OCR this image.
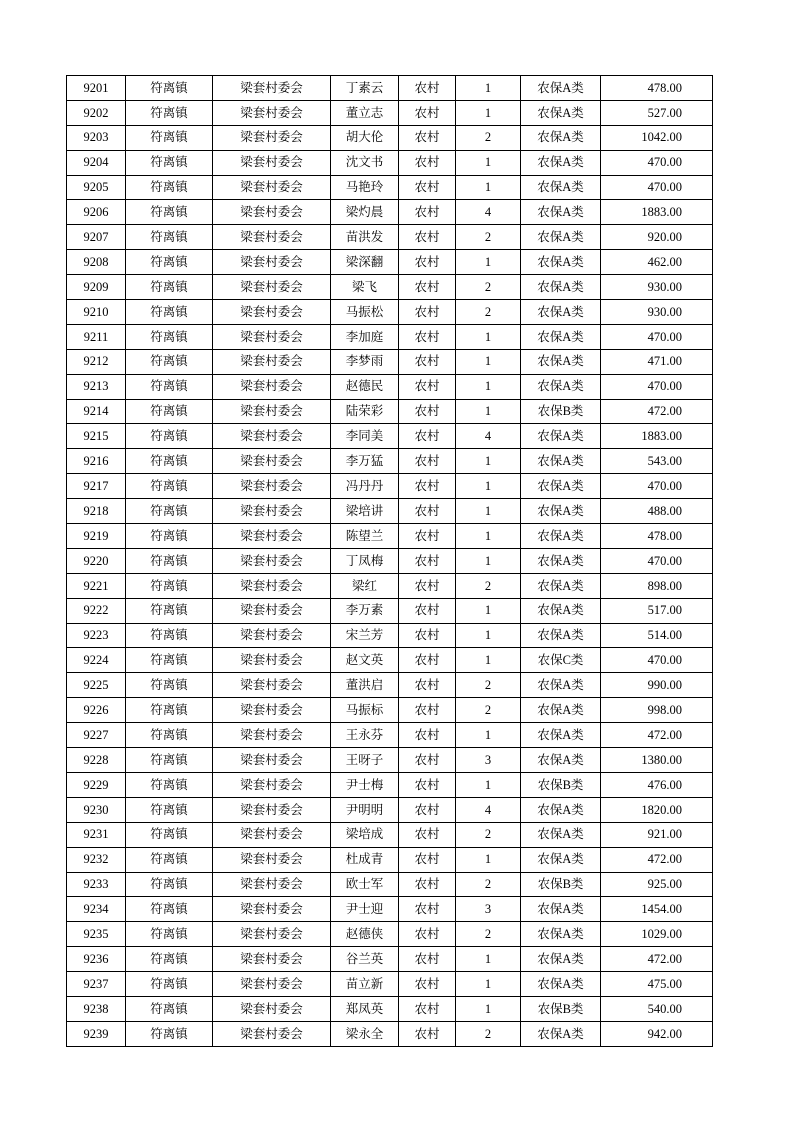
9201	符离镇	梁套村委会	丁素云	农村	1	农保A类	478.00
9202	符离镇	梁套村委会	董立志	农村	1	农保A类	527.00
9203	符离镇	梁套村委会	胡大伦	农村	2	农保A类	1042.00
9204	符离镇	梁套村委会	沈文书	农村	1	农保A类	470.00
9205	符离镇	梁套村委会	马艳玲	农村	1	农保A类	470.00
9206	符离镇	梁套村委会	梁灼晨	农村	4	农保A类	1883.00
9207	符离镇	梁套村委会	苗洪发	农村	2	农保A类	920.00
9208	符离镇	梁套村委会	梁深翻	农村	1	农保A类	462.00
9209	符离镇	梁套村委会	梁飞	农村	2	农保A类	930.00
9210	符离镇	梁套村委会	马振松	农村	2	农保A类	930.00
9211	符离镇	梁套村委会	李加庭	农村	1	农保A类	470.00
9212	符离镇	梁套村委会	李梦雨	农村	1	农保A类	471.00
9213	符离镇	梁套村委会	赵德民	农村	1	农保A类	470.00
9214	符离镇	梁套村委会	陆荣彩	农村	1	农保B类	472.00
9215	符离镇	梁套村委会	李同美	农村	4	农保A类	1883.00
9216	符离镇	梁套村委会	李万猛	农村	1	农保A类	543.00
9217	符离镇	梁套村委会	冯丹丹	农村	1	农保A类	470.00
9218	符离镇	梁套村委会	梁培讲	农村	1	农保A类	488.00
9219	符离镇	梁套村委会	陈望兰	农村	1	农保A类	478.00
9220	符离镇	梁套村委会	丁凤梅	农村	1	农保A类	470.00
9221	符离镇	梁套村委会	梁红	农村	2	农保A类	898.00
9222	符离镇	梁套村委会	李万素	农村	1	农保A类	517.00
9223	符离镇	梁套村委会	宋兰芳	农村	1	农保A类	514.00
9224	符离镇	梁套村委会	赵文英	农村	1	农保C类	470.00
9225	符离镇	梁套村委会	董洪启	农村	2	农保A类	990.00
9226	符离镇	梁套村委会	马振标	农村	2	农保A类	998.00
9227	符离镇	梁套村委会	王永芬	农村	1	农保A类	472.00
9228	符离镇	梁套村委会	王呀子	农村	3	农保A类	1380.00
9229	符离镇	梁套村委会	尹士梅	农村	1	农保B类	476.00
9230	符离镇	梁套村委会	尹明明	农村	4	农保A类	1820.00
9231	符离镇	梁套村委会	梁培成	农村	2	农保A类	921.00
9232	符离镇	梁套村委会	杜成青	农村	1	农保A类	472.00
9233	符离镇	梁套村委会	欧士军	农村	2	农保B类	925.00
9234	符离镇	梁套村委会	尹士迎	农村	3	农保A类	1454.00
9235	符离镇	梁套村委会	赵德侠	农村	2	农保A类	1029.00
9236	符离镇	梁套村委会	谷兰英	农村	1	农保A类	472.00
9237	符离镇	梁套村委会	苗立新	农村	1	农保A类	475.00
9238	符离镇	梁套村委会	郑凤英	农村	1	农保B类	540.00
9239	符离镇	梁套村委会	梁永全	农村	2	农保A类	942.00
